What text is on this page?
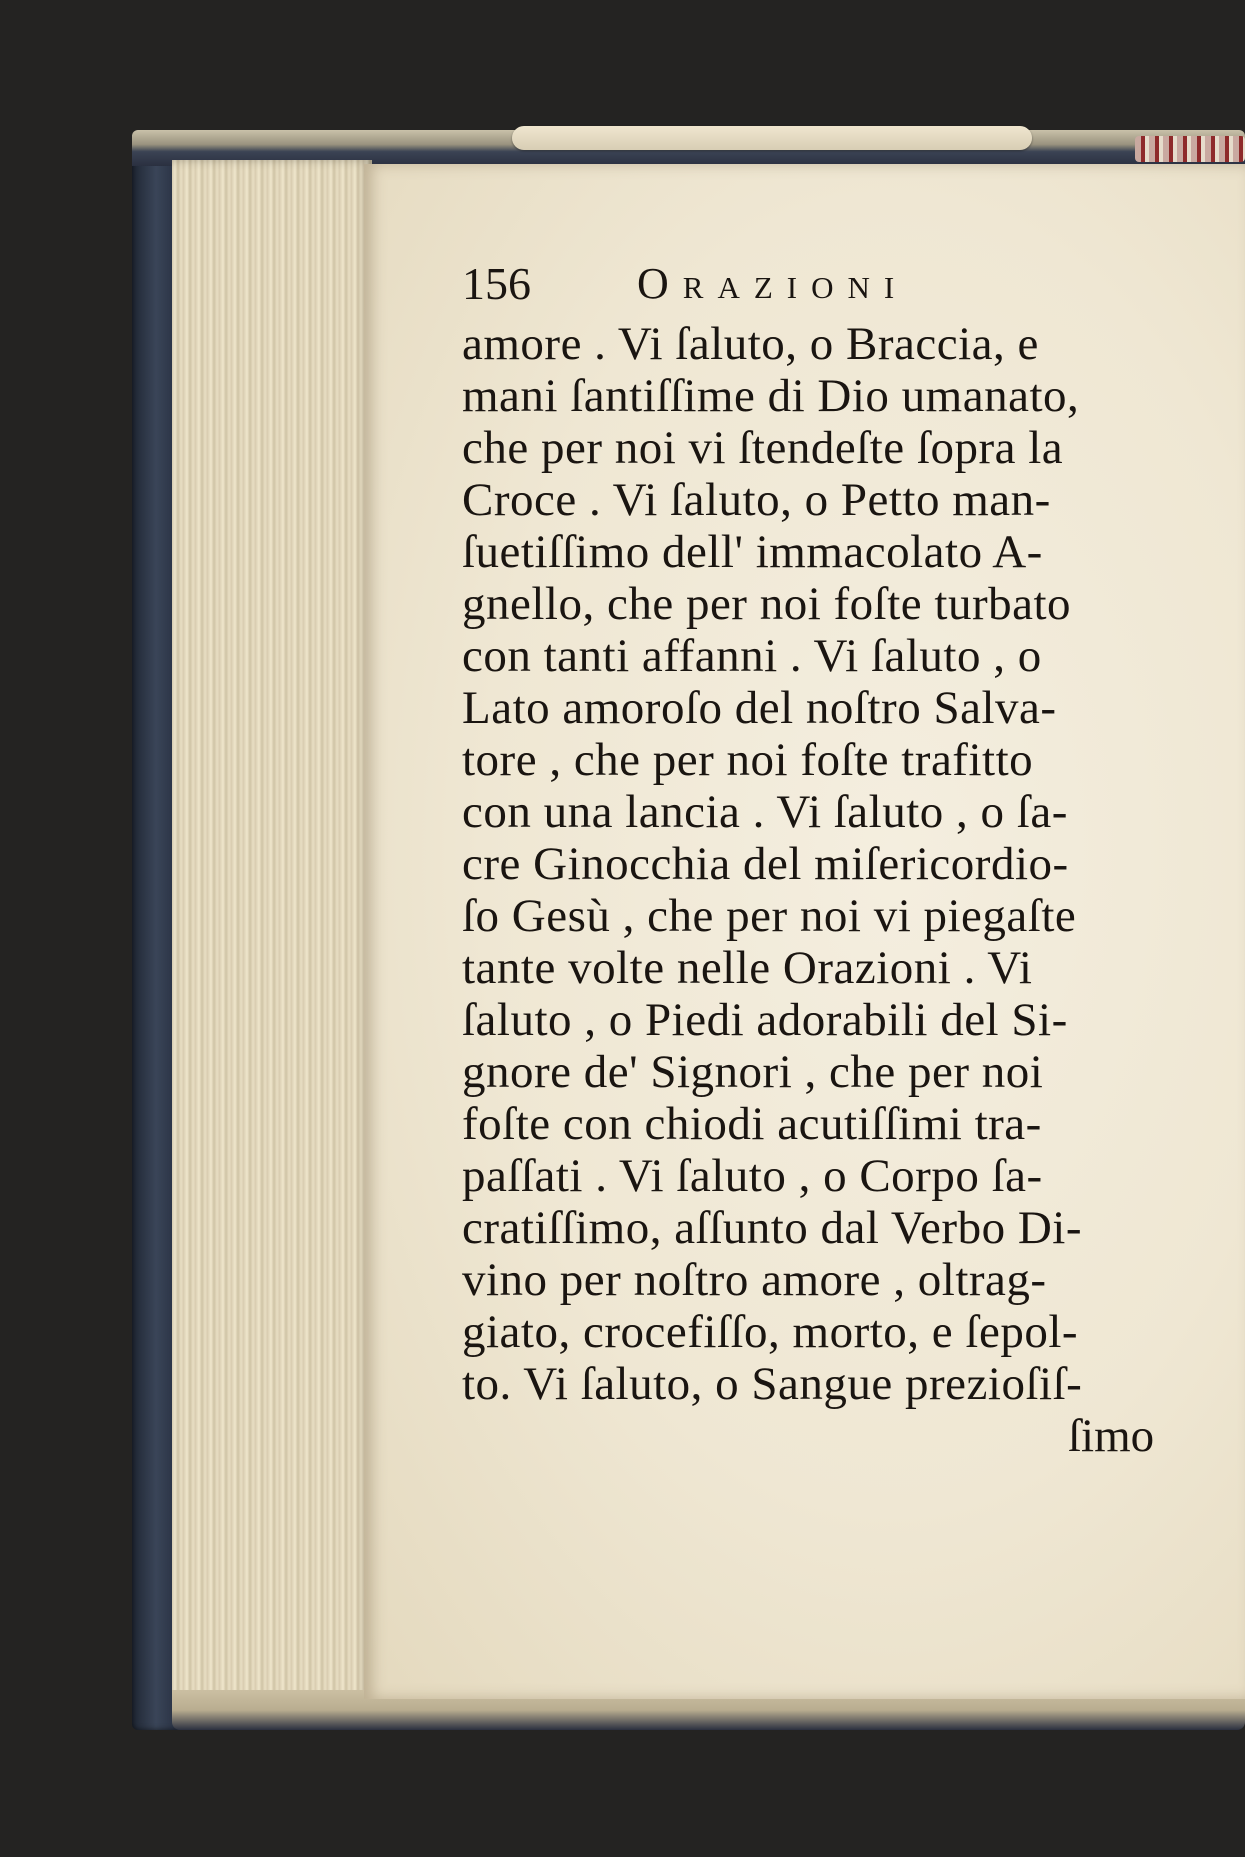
156 Orazioni
amore . Vi ſaluto, o Braccia, e
mani ſantiſſime di Dio umanato,
che per noi vi ſtendeſte ſopra la
Croce . Vi ſaluto, o Petto man-
ſuetiſſimo dell' immacolato A-
gnello, che per noi foſte turbato
con tanti affanni . Vi ſaluto , o
Lato amoroſo del noſtro Salva-
tore , che per noi foſte trafitto
con una lancia . Vi ſaluto , o ſa-
cre Ginocchia del miſericordio-
ſo Gesù , che per noi vi piegaſte
tante volte nelle Orazioni . Vi
ſaluto , o Piedi adorabili del Si-
gnore de' Signori , che per noi
foſte con chiodi acutiſſimi tra-
paſſati . Vi ſaluto , o Corpo ſa-
cratiſſimo, aſſunto dal Verbo Di-
vino per noſtro amore , oltrag-
giato, crocefiſſo, morto, e ſepol-
to. Vi ſaluto, o Sangue prezioſiſ-
ſimo
